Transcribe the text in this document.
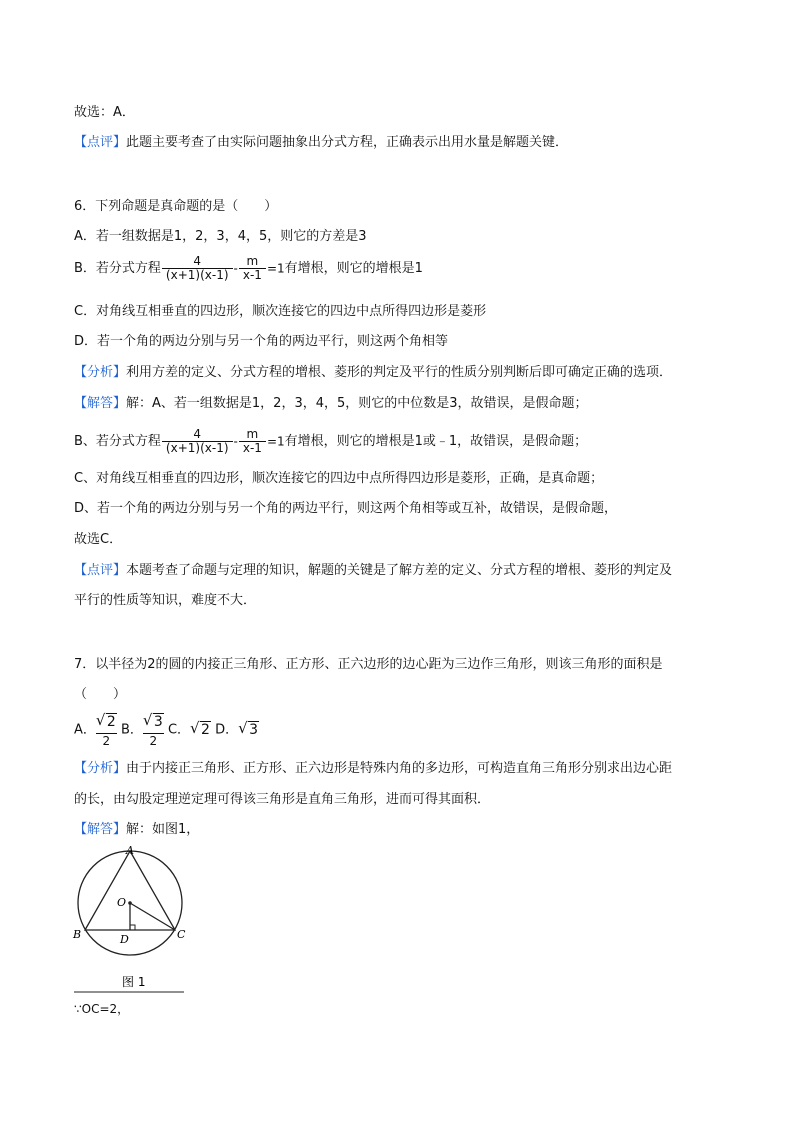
故选：A．
【点评】此题主要考查了由实际问题抽象出分式方程，正确表示出用水量是解题关键．
6．下列命题是真命题的是（　　）
A．若一组数据是1，2，3，4，5，则它的方差是3
B．若分式方程 $\frac{4}{(x+1)(x-1)} - \frac{m}{x-1} =1$有增根，则它的增根是1
C．对角线互相垂直的四边形，顺次连接它的四边中点所得四边形是菱形
D．若一个角的两边分别与另一个角的两边平行，则这两个角相等
【分析】利用方差的定义、分式方程的增根、菱形的判定及平行的性质分别判断后即可确定正确的选项．
【解答】解：A、若一组数据是1，2，3，4，5，则它的中位数是3，故错误，是假命题；
B、若分式方程 $\frac{4}{(x+1)(x-1)} - \frac{m}{x-1} =1$有增根，则它的增根是1或﹣1，故错误，是假命题；
C、对角线互相垂直的四边形，顺次连接它的四边中点所得四边形是菱形，正确，是真命题；
D、若一个角的两边分别与另一个角的两边平行，则这两个角相等或互补，故错误，是假命题，
故选C．
【点评】本题考查了命题与定理的知识，解题的关键是了解方差的定义、分式方程的增根、菱形的判定及
平行的性质等知识，难度不大．
7．以半径为2的圆的内接正三角形、正方形、正六边形的边心距为三边作三角形，则该三角形的面积是
（　　）
A． $\frac{√ 2}{2}$ B． $\frac{√ 3}{2}$ C． √ 2 D． √ 3
【分析】由于内接正三角形、正方形、正六边形是特殊内角的多边形，可构造直角三角形分别求出边心距
的长，由勾股定理逆定理可得该三角形是直角三角形，进而可得其面积．
【解答】解：如图1，
A
B	C
D
O
图 1
∵OC=2，
